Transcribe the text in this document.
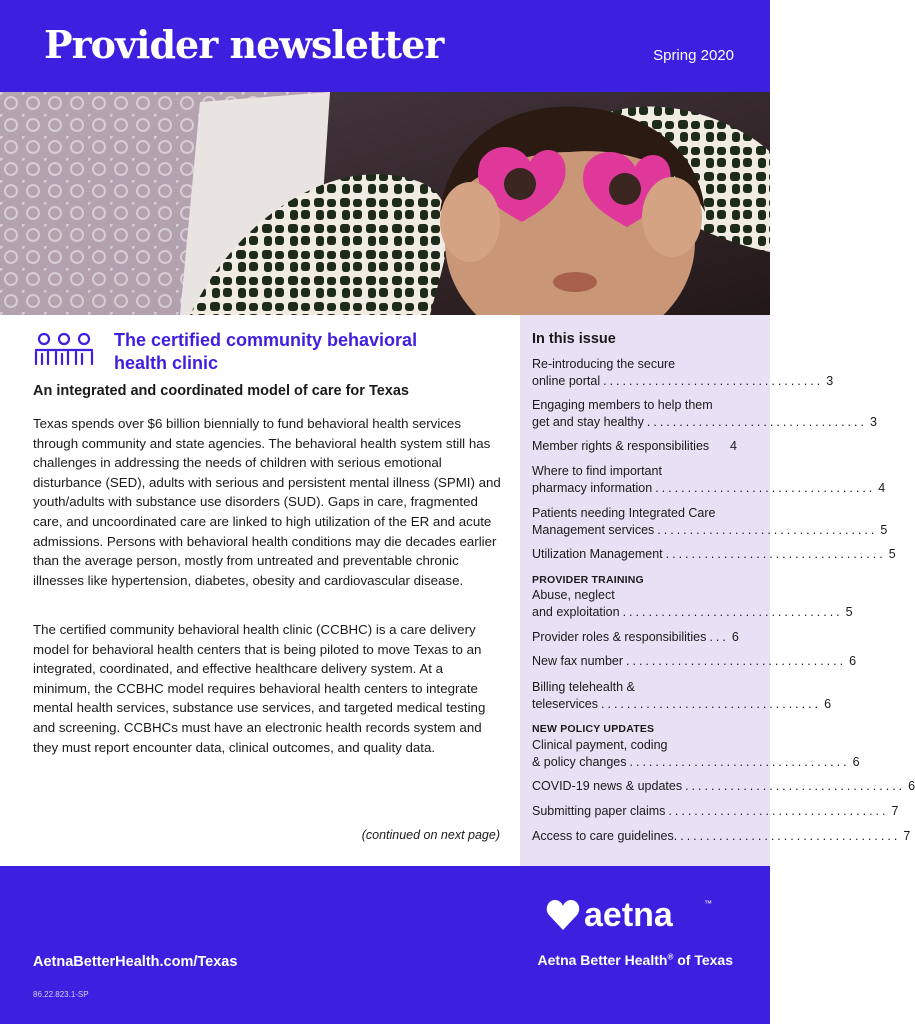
Provider newsletter	Spring 2020
The certified community behavioral
health clinic
An integrated and coordinated model of care for Texas

Texas spends over $6 billion biennially to fund behavioral health services through community and state agencies. The behavioral health system still has challenges in addressing the needs of children with serious emotional disturbance (SED), adults with serious and persistent mental illness (SPMI) and youth/adults with substance use disorders (SUD). Gaps in care, fragmented care, and uncoordinated care are linked to high utilization of the ER and acute admissions. Persons with behavioral health conditions may die decades earlier than the average person, mostly from untreated and preventable chronic illnesses like hypertension, diabetes, obesity and cardiovascular disease.

The certified community behavioral health clinic (CCBHC) is a care delivery model for behavioral health centers that is being piloted to move Texas to an integrated, coordinated, and effective healthcare delivery system. At a minimum, the CCBHC model requires behavioral health centers to integrate mental health services, substance use services, and targeted medical testing and screening. CCBHCs must have an electronic health records system and they must report encounter data, clinical outcomes, and quality data.

(continued on next page)
In this issue
Re-introducing the secure
online portal .................................. 3
Engaging members to help them
get and stay healthy .................................. 3
Member rights & responsibilities 4
Where to find important
pharmacy information .................................. 4
Patients needing Integrated Care
Management services .................................. 5
Utilization Management .................................. 5
PROVIDER TRAINING
Abuse, neglect
and exploitation .................................. 5
Provider roles & responsibilities ... 6
New fax number .................................. 6
Billing telehealth &
teleservices .................................. 6
NEW POLICY UPDATES
Clinical payment, coding
& policy changes .................................. 6
COVID-19 news & updates .................................. 6
Submitting paper claims .................................. 7
Access to care guidelines. .................................. 7
aetna	™
AetnaBetterHealth.com/Texas
86.22.823.1-SP
Aetna Better Health® of Texas
